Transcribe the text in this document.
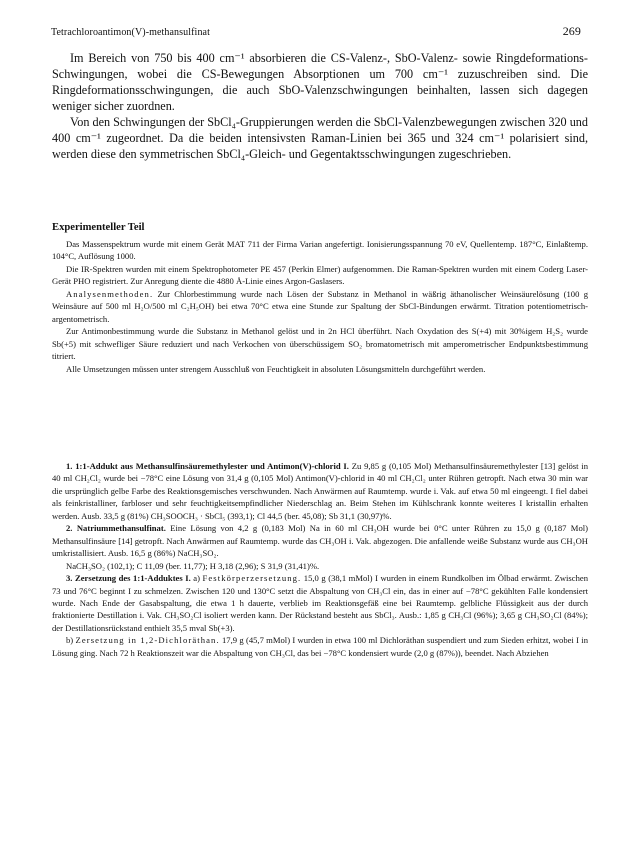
Tetrachloroantimon(V)-methansulfinat	269

Im Bereich von 750 bis 400 cm⁻¹ absorbieren die CS-Valenz-, SbO-Valenz- sowie Ringdeformations-Schwingungen, wobei die CS-Bewegungen Absorptionen um 700 cm⁻¹ zuzuschreiben sind. Die Ringdeformationsschwingungen, die auch SbO-Valenzschwingungen beinhalten, lassen sich dagegen weniger sicher zuordnen.

Von den Schwingungen der SbCl₄-Gruppierungen werden die SbCl-Valenzbewegungen zwischen 320 und 400 cm⁻¹ zugeordnet. Da die beiden intensivsten Raman-Linien bei 365 und 324 cm⁻¹ polarisiert sind, werden diese den symmetrischen SbCl₄-Gleich- und Gegentaktsschwingungen zugeschrieben.

Experimenteller Teil

Das Massenspektrum wurde mit einem Gerät MAT 711 der Firma Varian angefertigt. Ionisierungsspannung 70 eV, Quellentemp. 187°C, Einlaßtemp. 104°C, Auflösung 1000.

Die IR-Spektren wurden mit einem Spektrophotometer PE 457 (Perkin Elmer) aufgenommen. Die Raman-Spektren wurden mit einem Coderg Laser-Gerät PHO registriert. Zur Anregung diente die 4880 Å-Linie eines Argon-Gaslasers.

Analysenmethoden. Zur Chlorbestimmung wurde nach Lösen der Substanz in Methanol in wäßrig äthanolischer Weinsäurelösung (100 g Weinsäure auf 500 ml H₂O/500 ml C₂H₅OH) bei etwa 70°C etwa eine Stunde zur Spaltung der SbCl-Bindungen erwärmt. Titration potentiometrisch-argentometrisch.

Zur Antimonbestimmung wurde die Substanz in Methanol gelöst und in 2n HCl überführt. Nach Oxydation des S(+4) mit 30%igem H₂S₂ wurde Sb(+5) mit schwefliger Säure reduziert und nach Verkochen von überschüssigem SO₂ bromatometrisch mit amperometrischer Endpunktsbestimmung titriert.

Alle Umsetzungen müssen unter strengem Ausschluß von Feuchtigkeit in absoluten Lösungsmitteln durchgeführt werden.

1. 1:1-Addukt aus Methansulfinsäuremethylester und Antimon(V)-chlorid I. Zu 9,85 g (0,105 Mol) Methansulfinsäuremethylester [13] gelöst in 40 ml CH₂Cl₂ wurde bei −78°C eine Lösung von 31,4 g (0,105 Mol) Antimon(V)-chlorid in 40 ml CH₂Cl₂ unter Rühren getropft. Nach etwa 30 min war die ursprünglich gelbe Farbe des Reaktionsgemisches verschwunden. Nach Anwärmen auf Raumtemp. wurde i. Vak. auf etwa 50 ml eingeengt. I fiel dabei als feinkristalliner, farbloser und sehr feuchtigkeitsempfindlicher Niederschlag an. Beim Stehen im Kühlschrank konnte weiteres I kristallin erhalten werden. Ausb. 33,5 g (81%) CH₃SOOCH₃ · SbCl₅ (393,1); Cl 44,5 (ber. 45,08); Sb 31,1 (30,97)%.

2. Natriummethansulfinat. Eine Lösung von 4,2 g (0,183 Mol) Na in 60 ml CH₃OH wurde bei 0°C unter Rühren zu 15,0 g (0,187 Mol) Methansulfinsäure [14] getropft. Nach Anwärmen auf Raumtemp. wurde das CH₃OH i. Vak. abgezogen. Die anfallende weiße Substanz wurde aus CH₃OH umkristallisiert. Ausb. 16,5 g (86%) NaCH₃SO₂.

NaCH₃SO₂ (102,1); C 11,09 (ber. 11,77); H 3,18 (2,96); S 31,9 (31,41)%.

3. Zersetzung des 1:1-Adduktes I. a) Festkörperzersetzung. 15,0 g (38,1 mMol) I wurden in einem Rundkolben im Ölbad erwärmt. Zwischen 73 und 76°C beginnt I zu schmelzen. Zwischen 120 und 130°C setzt die Abspaltung von CH₃Cl ein, das in einer auf −78°C gekühlten Falle kondensiert wurde. Nach Ende der Gasabspaltung, die etwa 1 h dauerte, verblieb im Reaktionsgefäß eine bei Raumtemp. gelbliche Flüssigkeit aus der durch fraktionierte Destillation i. Vak. CH₃SO₂Cl isoliert werden kann. Der Rückstand besteht aus SbCl₃. Ausb.: 1,85 g CH₃Cl (96%); 3,65 g CH₃SO₂Cl (84%); der Destillationsrückstand enthielt 35,5 mval Sb(+3).

b) Zersetzung in 1,2-Dichloräthan. 17,9 g (45,7 mMol) I wurden in etwa 100 ml Dichloräthan suspendiert und zum Sieden erhitzt, wobei I in Lösung ging. Nach 72 h Reaktionszeit war die Abspaltung von CH₃Cl, das bei −78°C kondensiert wurde (2,0 g (87%)), beendet. Nach Abziehen
